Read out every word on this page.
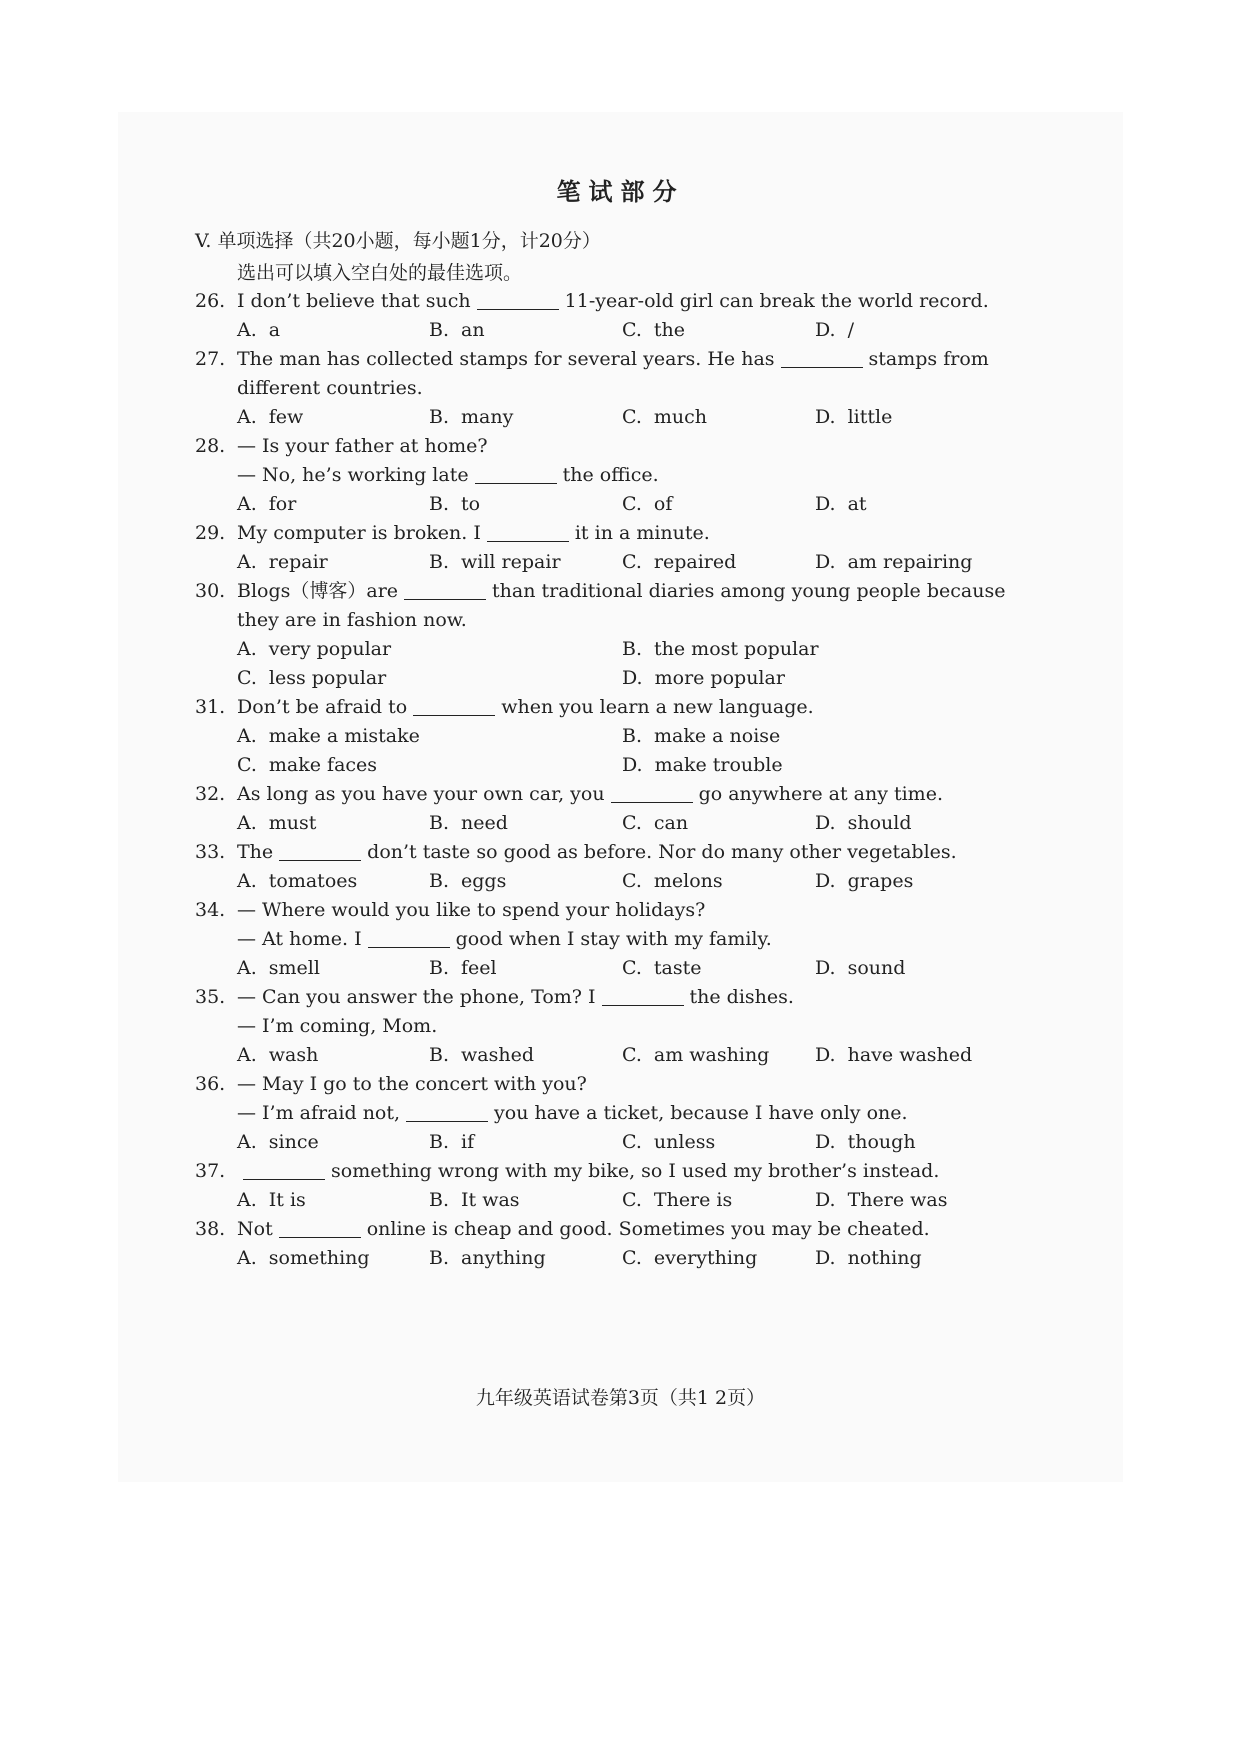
笔试部分
V. 单项选择（共20小题，每小题1分，计20分）
选出可以填入空白处的最佳选项。
26. I don’t believe that such	11-year-old girl can break the world record.
A. a	B. an	C. the	D. /
27. The man has collected stamps for several years. He has	stamps from
different countries.
A. few	B. many	C. much	D. little
28. — Is your father at home?
— No, he’s working late	the office.
A. for	B. to	C. of	D. at
29. My computer is broken. I	it in a minute.
A. repair	B. will repair	C. repaired	D. am repairing
30. Blogs（博客）are	than traditional diaries among young people because
they are in fashion now.
A. very popular	B. the most popular
C. less popular	D. more popular
31. Don’t be afraid to	when you learn a new language.
A. make a mistake	B. make a noise
C. make faces	D. make trouble
32. As long as you have your own car, you	go anywhere at any time.
A. must	B. need	C. can	D. should
33. The	don’t taste so good as before. Nor do many other vegetables.
A. tomatoes	B. eggs	C. melons	D. grapes
34. — Where would you like to spend your holidays?
— At home. I	good when I stay with my family.
A. smell	B. feel	C. taste	D. sound
35. — Can you answer the phone, Tom? I	the dishes.
— I’m coming, Mom.
A. wash	B. washed	C. am washing D. have washed
36. — May I go to the concert with you?
— I’m afraid not,	you have a ticket, because I have only one.
A. since	B. if	C. unless	D. though
37.	something wrong with my bike, so I used my brother’s instead.
A. It is	B. It was	C. There is	D. There was
38. Not	online is cheap and good. Sometimes you may be cheated.
A. something	B. anything	C. everything	D. nothing
九年级英语试卷第3页（共1 2页）
